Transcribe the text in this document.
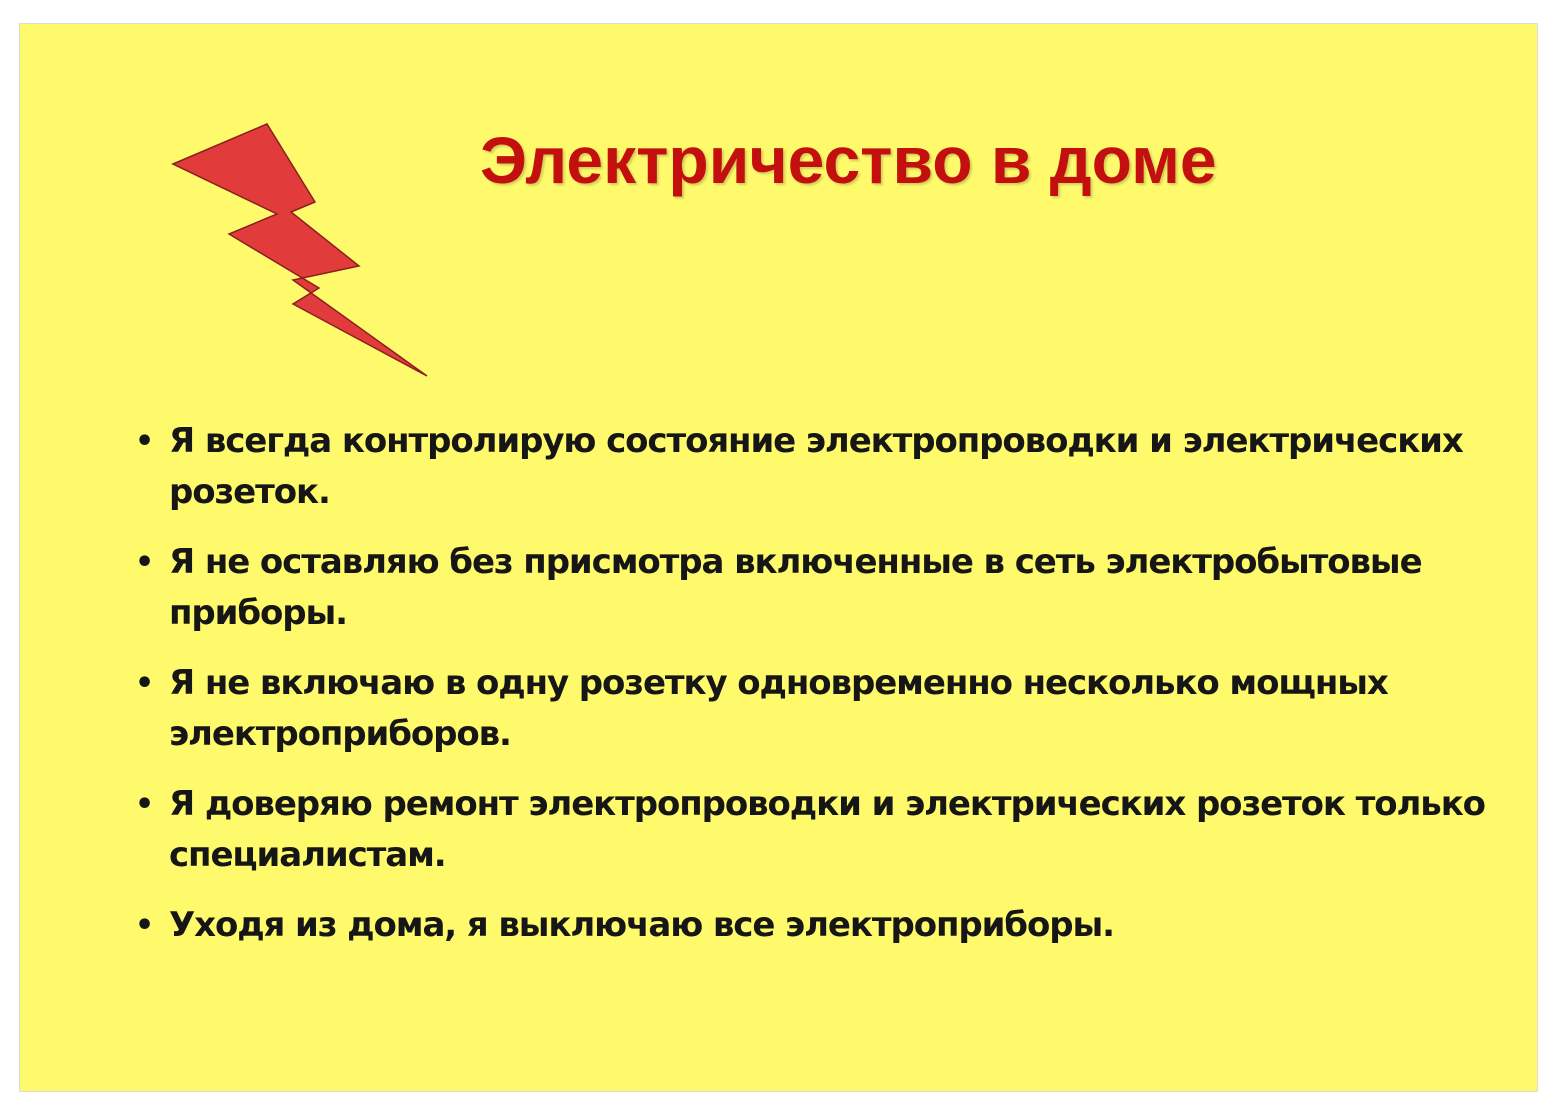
Электричество в доме
• Я всегда контролирую состояние электропроводки и электрических розеток.
• Я не оставляю без присмотра включенные в сеть электробытовые приборы.
• Я не включаю в одну розетку одновременно несколько мощных электроприборов.
• Я доверяю ремонт электропроводки и электрических розеток только специалистам.
• Уходя из дома, я выключаю все электроприборы.
